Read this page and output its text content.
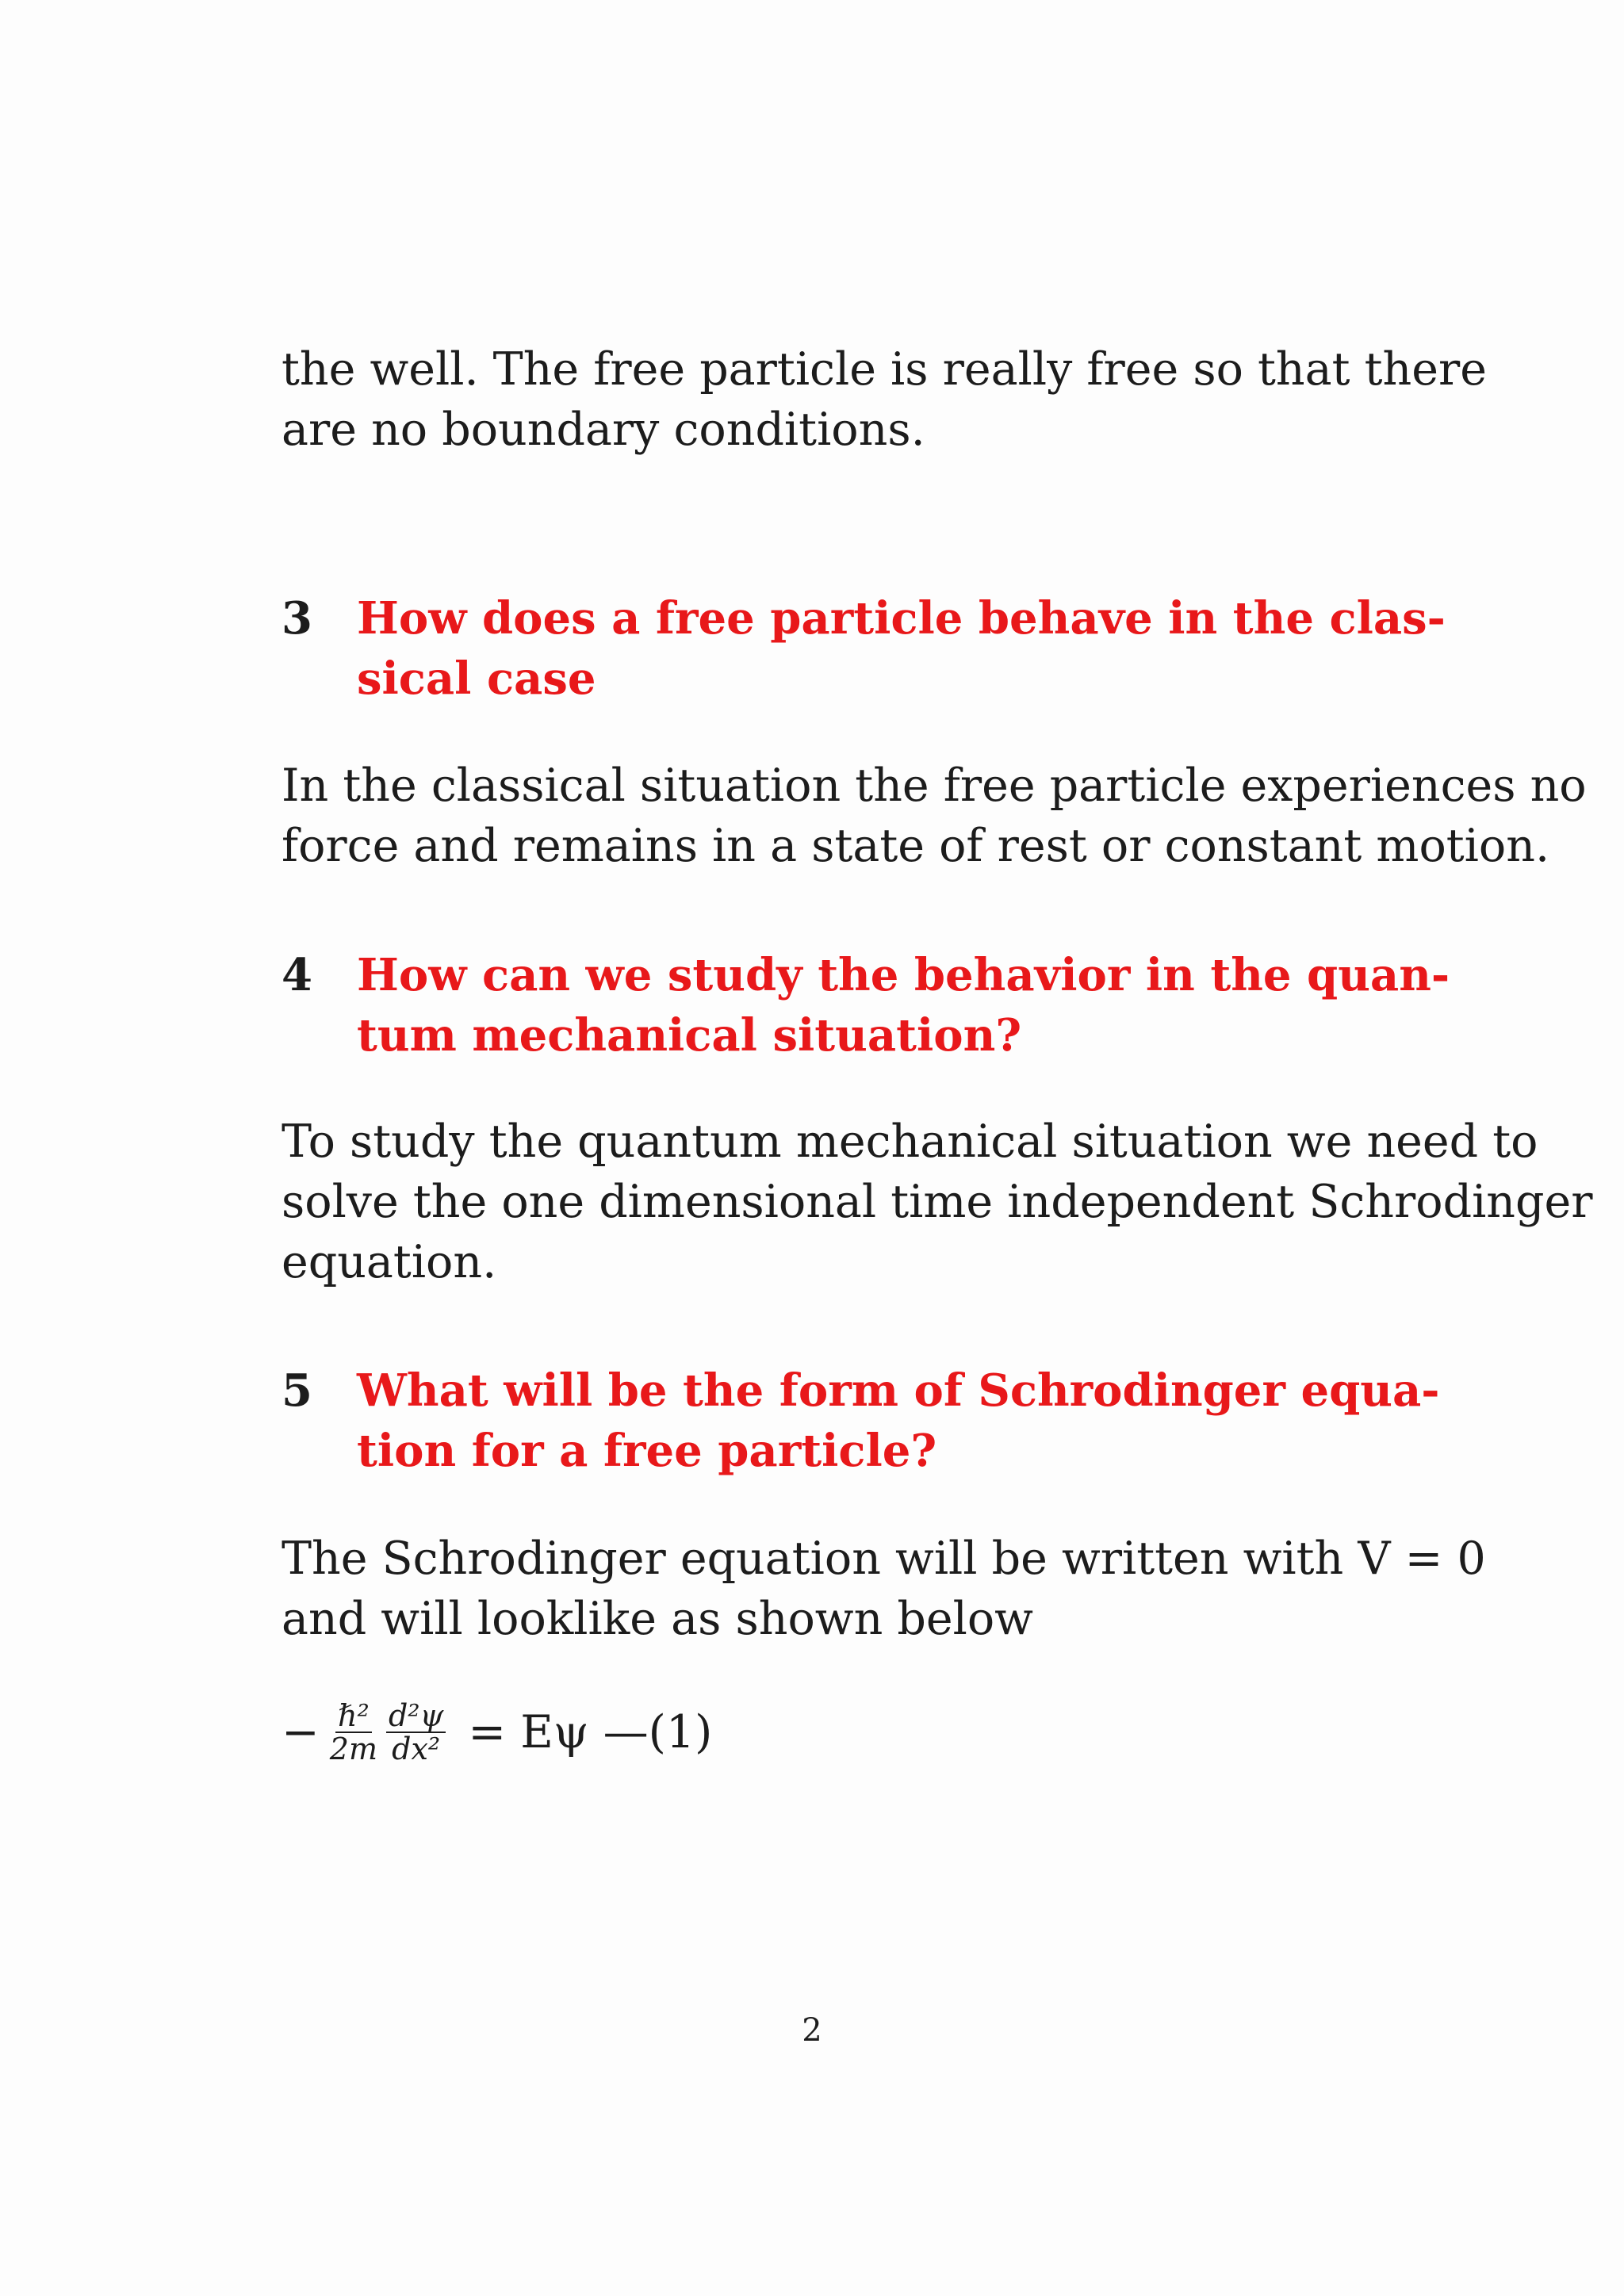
the well. The free particle is really free so that there
are no boundary conditions.
3 How does a free particle behave in the clas-
sical case
In the classical situation the free particle experiences no
force and remains in a state of rest or constant motion.
4 How can we study the behavior in the quan-
tum mechanical situation?
To study the quantum mechanical situation we need to
solve the one dimensional time independent Schrodinger
equation.
5 What will be the form of Schrodinger equa-
tion for a free particle?
The Schrodinger equation will be written with V = 0
and will looklike as shown below
− $\frac{\text{ℏ²}}{2m} \frac{\text{d²ψ}}{\text{dx²}} = E\psi$ —(1)
2
